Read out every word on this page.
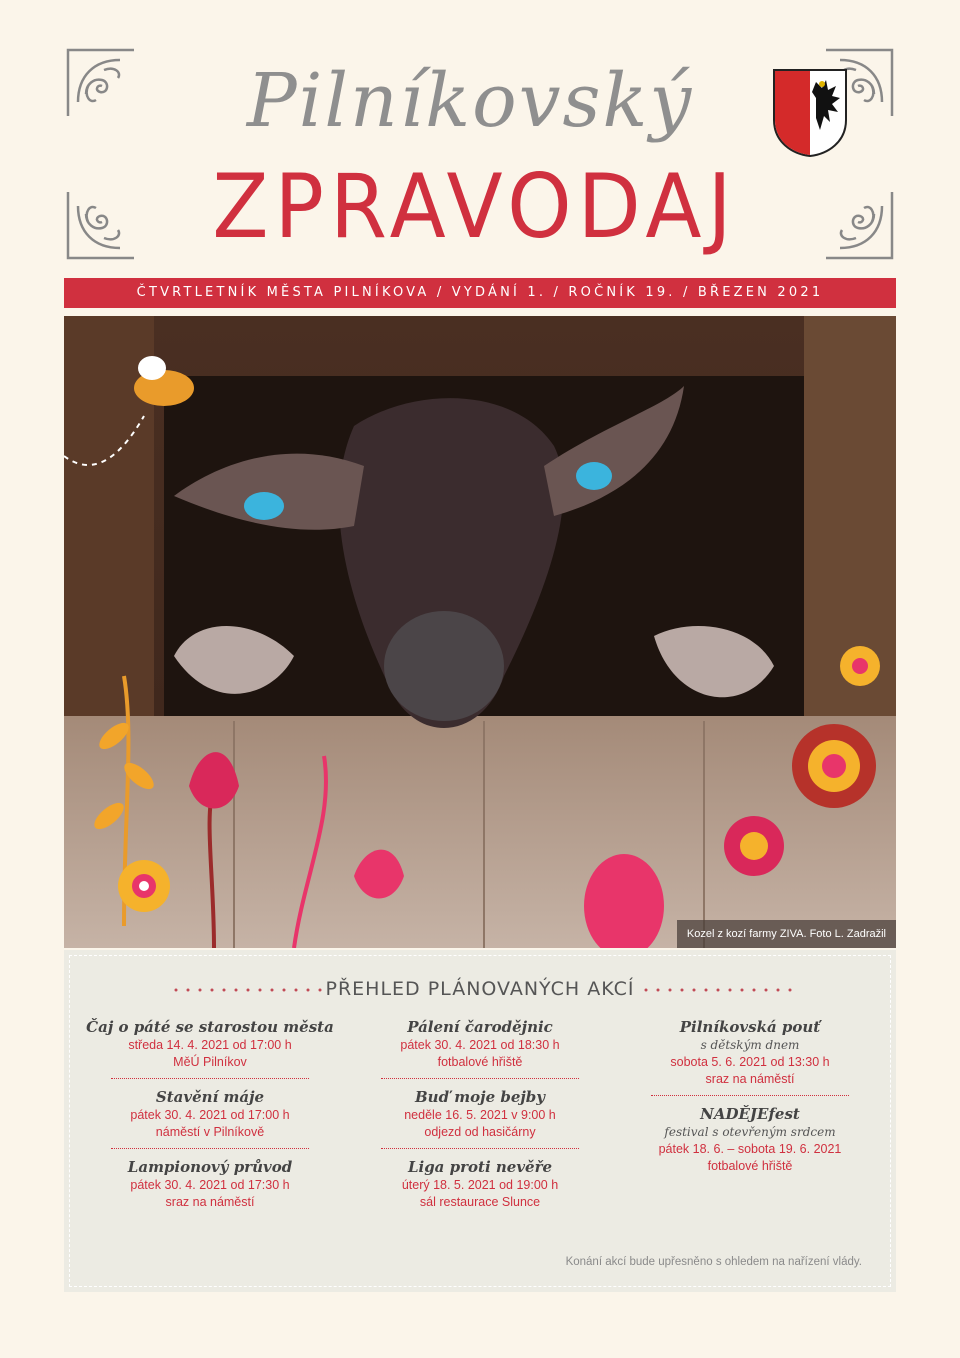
Pilníkovský
ZPRAVODAJ
ČTVRTLETNÍK MĚSTA PILNÍKOVA / VYDÁNÍ 1. / ROČNÍK 19. / BŘEZEN 2021
Kozel z kozí farmy ZIVA. Foto L. Zadražil
PŘEHLED PLÁNOVANÝCH AKCÍ
Čaj o páté se starostou města
středa 14. 4. 2021 od 17:00 h
MěÚ Pilníkov
Stavění máje
pátek 30. 4. 2021 od 17:00 h
náměstí v Pilníkově
Lampionový průvod
pátek 30. 4. 2021 od 17:30 h
sraz na náměstí
Pálení čarodějnic
pátek 30. 4. 2021 od 18:30 h
fotbalové hřiště
Buď moje bejby
neděle 16. 5. 2021 v 9:00 h
odjezd od hasičárny
Liga proti nevěře
úterý 18. 5. 2021 od 19:00 h
sál restaurace Slunce
Pilníkovská pouť
s dětským dnem
sobota 5. 6. 2021 od 13:30 h
sraz na náměstí
NADĚJEfest
festival s otevřeným srdcem
pátek 18. 6. – sobota 19. 6. 2021
fotbalové hřiště
Konání akcí bude upřesněno s ohledem na nařízení vlády.
